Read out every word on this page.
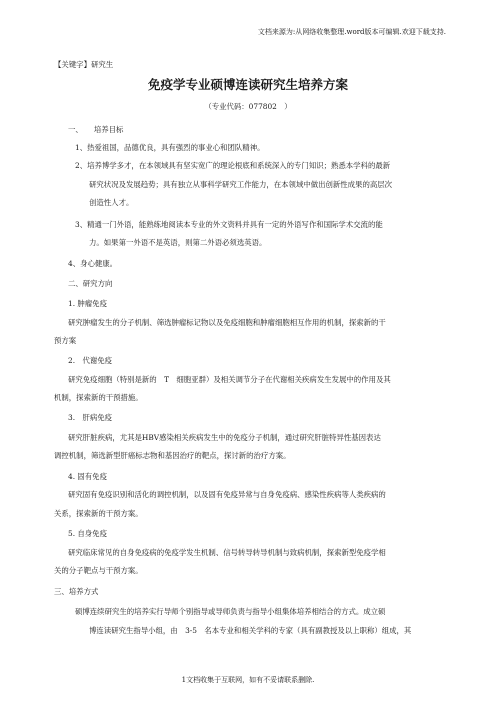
文档来源为:从网络收集整理.word版本可编辑.欢迎下载支持.
【关键字】研究生
免疫学专业硕博连读研究生培养方案
（专业代码：077802　）
一、　　培养目标
1、热爱祖国，品德优良，具有强烈的事业心和团队精神。
2、培养博学多才，在本领域具有坚实宽广的理论根底和系统深入的专门知识；熟悉本学科的最新
研究状况及发展趋势；具有独立从事科学研究工作能力，在本领域中做出创新性成果的高层次
创造性人才。
3、精通一门外语，能熟练地阅读本专业的外文资料并具有一定的外语写作和国际学术交流的能
力。如果第一外语不是英语，则第二外语必须选英语。
4、身心健康。
二、研究方向
1. 肿瘤免疫
研究肿瘤发生的分子机制、筛选肿瘤标记物以及免疫细胞和肿瘤细胞相互作用的机制，探索新的干
预方案
2.　代谢免疫
研究免疫细胞（特别是新的　T　细胞亚群）及相关调节分子在代谢相关疾病发生发展中的作用及其
机制，探索新的干预措施。
3.　肝病免疫
研究肝脏疾病，尤其是HBV感染相关疾病发生中的免疫分子机制，通过研究肝脏特异性基因表达
调控机制，筛选新型肝癌标志物和基因治疗的靶点，探讨新的治疗方案。
4. 固有免疫
研究固有免疫识别和活化的调控机制，以及固有免疫异常与自身免疫病、感染性疾病等人类疾病的
关系，探索新的干预方案。
5. 自身免疫
研究临床常见的自身免疫病的免疫学发生机制、信号转导转导机制与致病机制，探索新型免疫学相
关的分子靶点与干预方案。
三、培养方式
硕博连续研究生的培养实行导师个别指导或导师负责与指导小组集体培养相结合的方式。成立硕
博连读研究生指导小组，由　3-5　名本专业和相关学科的专家（具有副教授及以上职称）组成，其
1文档收集于互联网，如有不妥请联系删除.
